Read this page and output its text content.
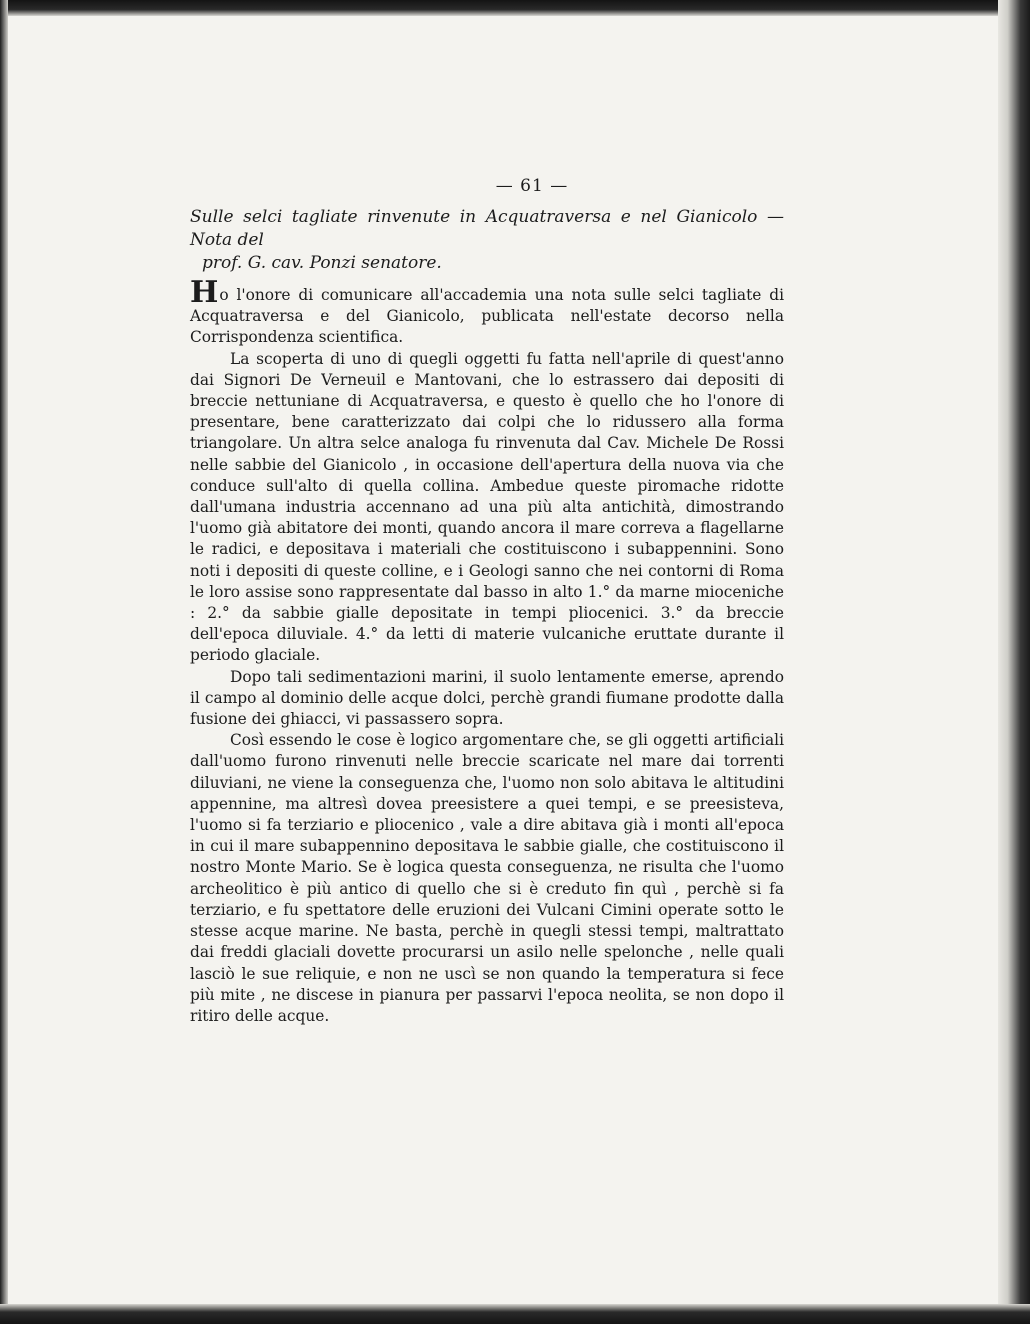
— 61 —

Sulle selci tagliate rinvenute in Acquatraversa e nel Gianicolo — Nota del
prof. G. cav. Ponzi senatore.

Ho l'onore di comunicare all'accademia una nota sulle selci tagliate di Acquatraversa e del Gianicolo, publicata nell'estate decorso nella Corrispondenza scientifica.

La scoperta di uno di quegli oggetti fu fatta nell'aprile di quest'anno dai Signori De Verneuil e Mantovani, che lo estrassero dai depositi di breccie nettuniane di Acquatraversa, e questo è quello che ho l'onore di presentare, bene caratterizzato dai colpi che lo ridussero alla forma triangolare. Un altra selce analoga fu rinvenuta dal Cav. Michele De Rossi nelle sabbie del Gianicolo , in occasione dell'apertura della nuova via che conduce sull'alto di quella collina. Ambedue queste piromache ridotte dall'umana industria accennano ad una più alta antichità, dimostrando l'uomo già abitatore dei monti, quando ancora il mare correva a flagellarne le radici, e depositava i materiali che costituiscono i subappennini. Sono noti i depositi di queste colline, e i Geologi sanno che nei contorni di Roma le loro assise sono rappresentate dal basso in alto 1.° da marne mioceniche : 2.° da sabbie gialle depositate in tempi pliocenici. 3.° da breccie dell'epoca diluviale. 4.° da letti di materie vulcaniche eruttate durante il periodo glaciale.

Dopo tali sedimentazioni marini, il suolo lentamente emerse, aprendo il campo al dominio delle acque dolci, perchè grandi fiumane prodotte dalla fusione dei ghiacci, vi passassero sopra.

Così essendo le cose è logico argomentare che, se gli oggetti artificiali dall'uomo furono rinvenuti nelle breccie scaricate nel mare dai torrenti diluviani, ne viene la conseguenza che, l'uomo non solo abitava le altitudini appennine, ma altresì dovea preesistere a quei tempi, e se preesisteva, l'uomo si fa terziario e pliocenico , vale a dire abitava già i monti all'epoca in cui il mare subappennino depositava le sabbie gialle, che costituiscono il nostro Monte Mario. Se è logica questa conseguenza, ne risulta che l'uomo archeolitico è più antico di quello che si è creduto fin quì , perchè si fa terziario, e fu spettatore delle eruzioni dei Vulcani Cimini operate sotto le stesse acque marine. Ne basta, perchè in quegli stessi tempi, maltrattato dai freddi glaciali dovette procurarsi un asilo nelle spelonche , nelle quali lasciò le sue reliquie, e non ne uscì se non quando la temperatura si fece più mite , ne discese in pianura per passarvi l'epoca neolita, se non dopo il ritiro delle acque.
